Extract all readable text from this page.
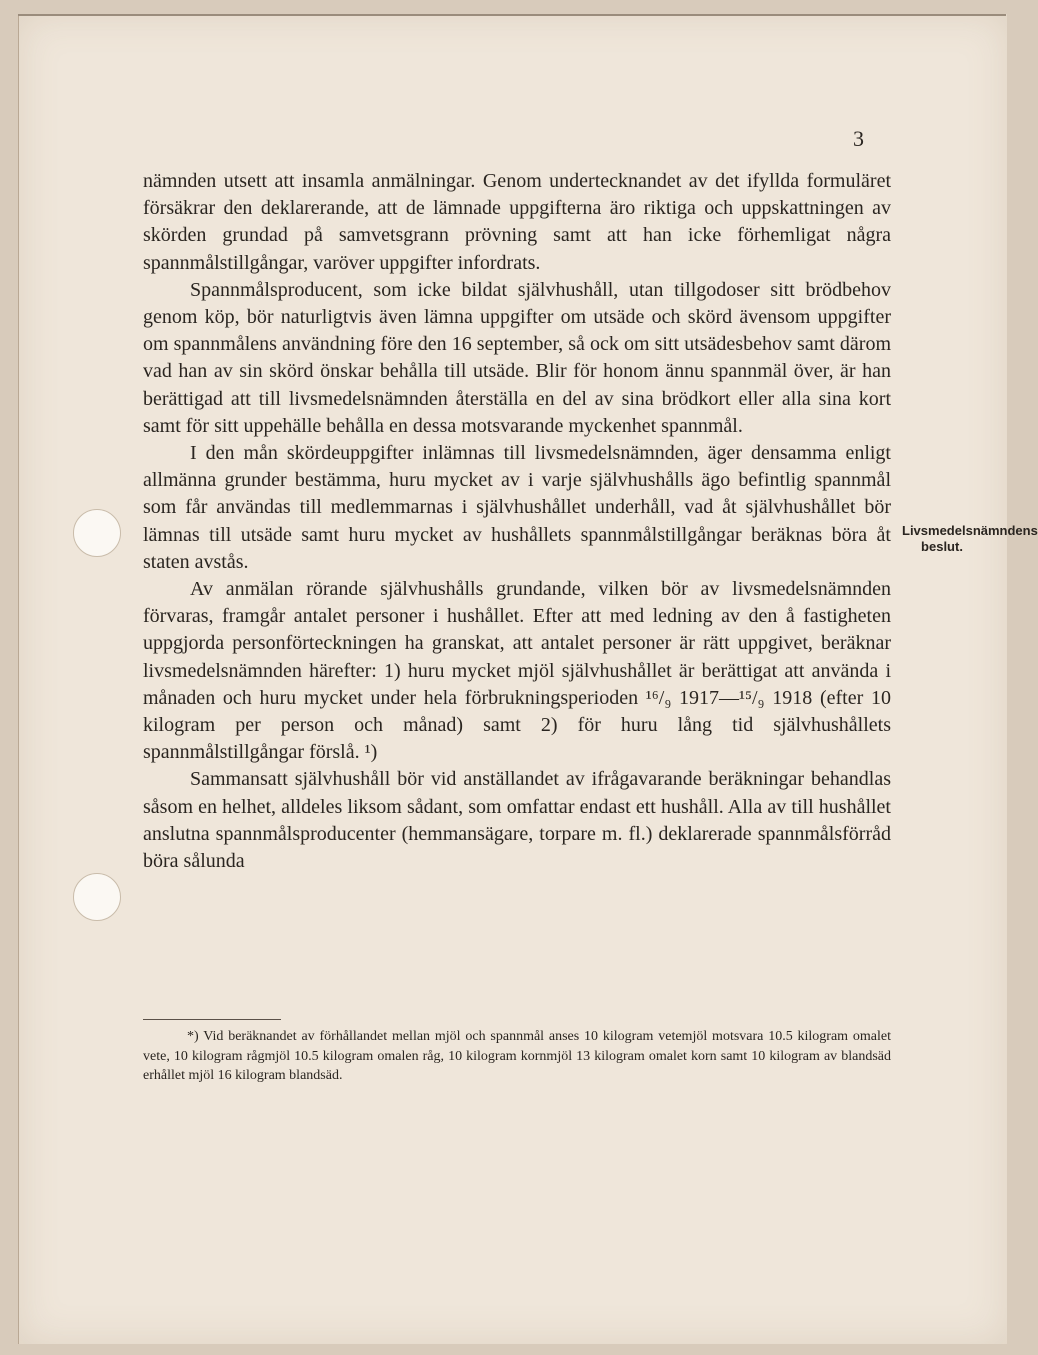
3

nämnden utsett att insamla anmälningar. Genom undertecknandet av det ifyllda formuläret försäkrar den deklarerande, att de lämnade uppgifterna äro riktiga och uppskattningen av skörden grundad på samvetsgrann prövning samt att han icke förhemligat några spannmålstillgångar, varöver uppgifter infordrats.

Spannmålsproducent, som icke bildat självhushåll, utan tillgodoser sitt brödbehov genom köp, bör naturligtvis även lämna uppgifter om utsäde och skörd ävensom uppgifter om spannmålens användning före den 16 september, så ock om sitt utsädesbehov samt därom vad han av sin skörd önskar behålla till utsäde. Blir för honom ännu spannmäl över, är han berättigad att till livsmedelsnämnden återställa en del av sina brödkort eller alla sina kort samt för sitt uppehälle behålla en dessa motsvarande myckenhet spannmål.

I den mån skördeuppgifter inlämnas till livsmedelsnämnden, äger densamma enligt allmänna grunder bestämma, huru mycket av i varje självhushålls ägo befintlig spannmål som får användas till medlemmarnas i självhushållet underhåll, vad åt självhushållet bör lämnas till utsäde samt huru mycket av hushållets spannmålstillgångar beräknas böra åt staten avstås.

Av anmälan rörande självhushålls grundande, vilken bör av livsmedelsnämnden förvaras, framgår antalet personer i hushållet. Efter att med ledning av den å fastigheten uppgjorda personförteckningen ha granskat, att antalet personer är rätt uppgivet, beräknar livsmedelsnämnden härefter: 1) huru mycket mjöl självhushållet är berättigat att använda i månaden och huru mycket under hela förbrukningsperioden ¹⁶/₉ 1917—¹⁵/₉ 1918 (efter 10 kilogram per person och månad) samt 2) för huru lång tid självhushållets spannmålstillgångar förslå. ¹)

Sammansatt självhushåll bör vid anställandet av ifrågavarande beräkningar behandlas såsom en helhet, alldeles liksom sådant, som omfattar endast ett hushåll. Alla av till hushållet anslutna spannmålsproducenter (hemmansägare, torpare m. fl.) deklarerade spannmålsförråd böra sålunda

Livsmedelsnämndens beslut.
*) Vid beräknandet av förhållandet mellan mjöl och spannmål anses 10 kilogram vetemjöl motsvara 10.5 kilogram omalet vete, 10 kilogram rågmjöl 10.5 kilogram omalen råg, 10 kilogram kornmjöl 13 kilogram omalet korn samt 10 kilogram av blandsäd erhållet mjöl 16 kilogram blandsäd.
